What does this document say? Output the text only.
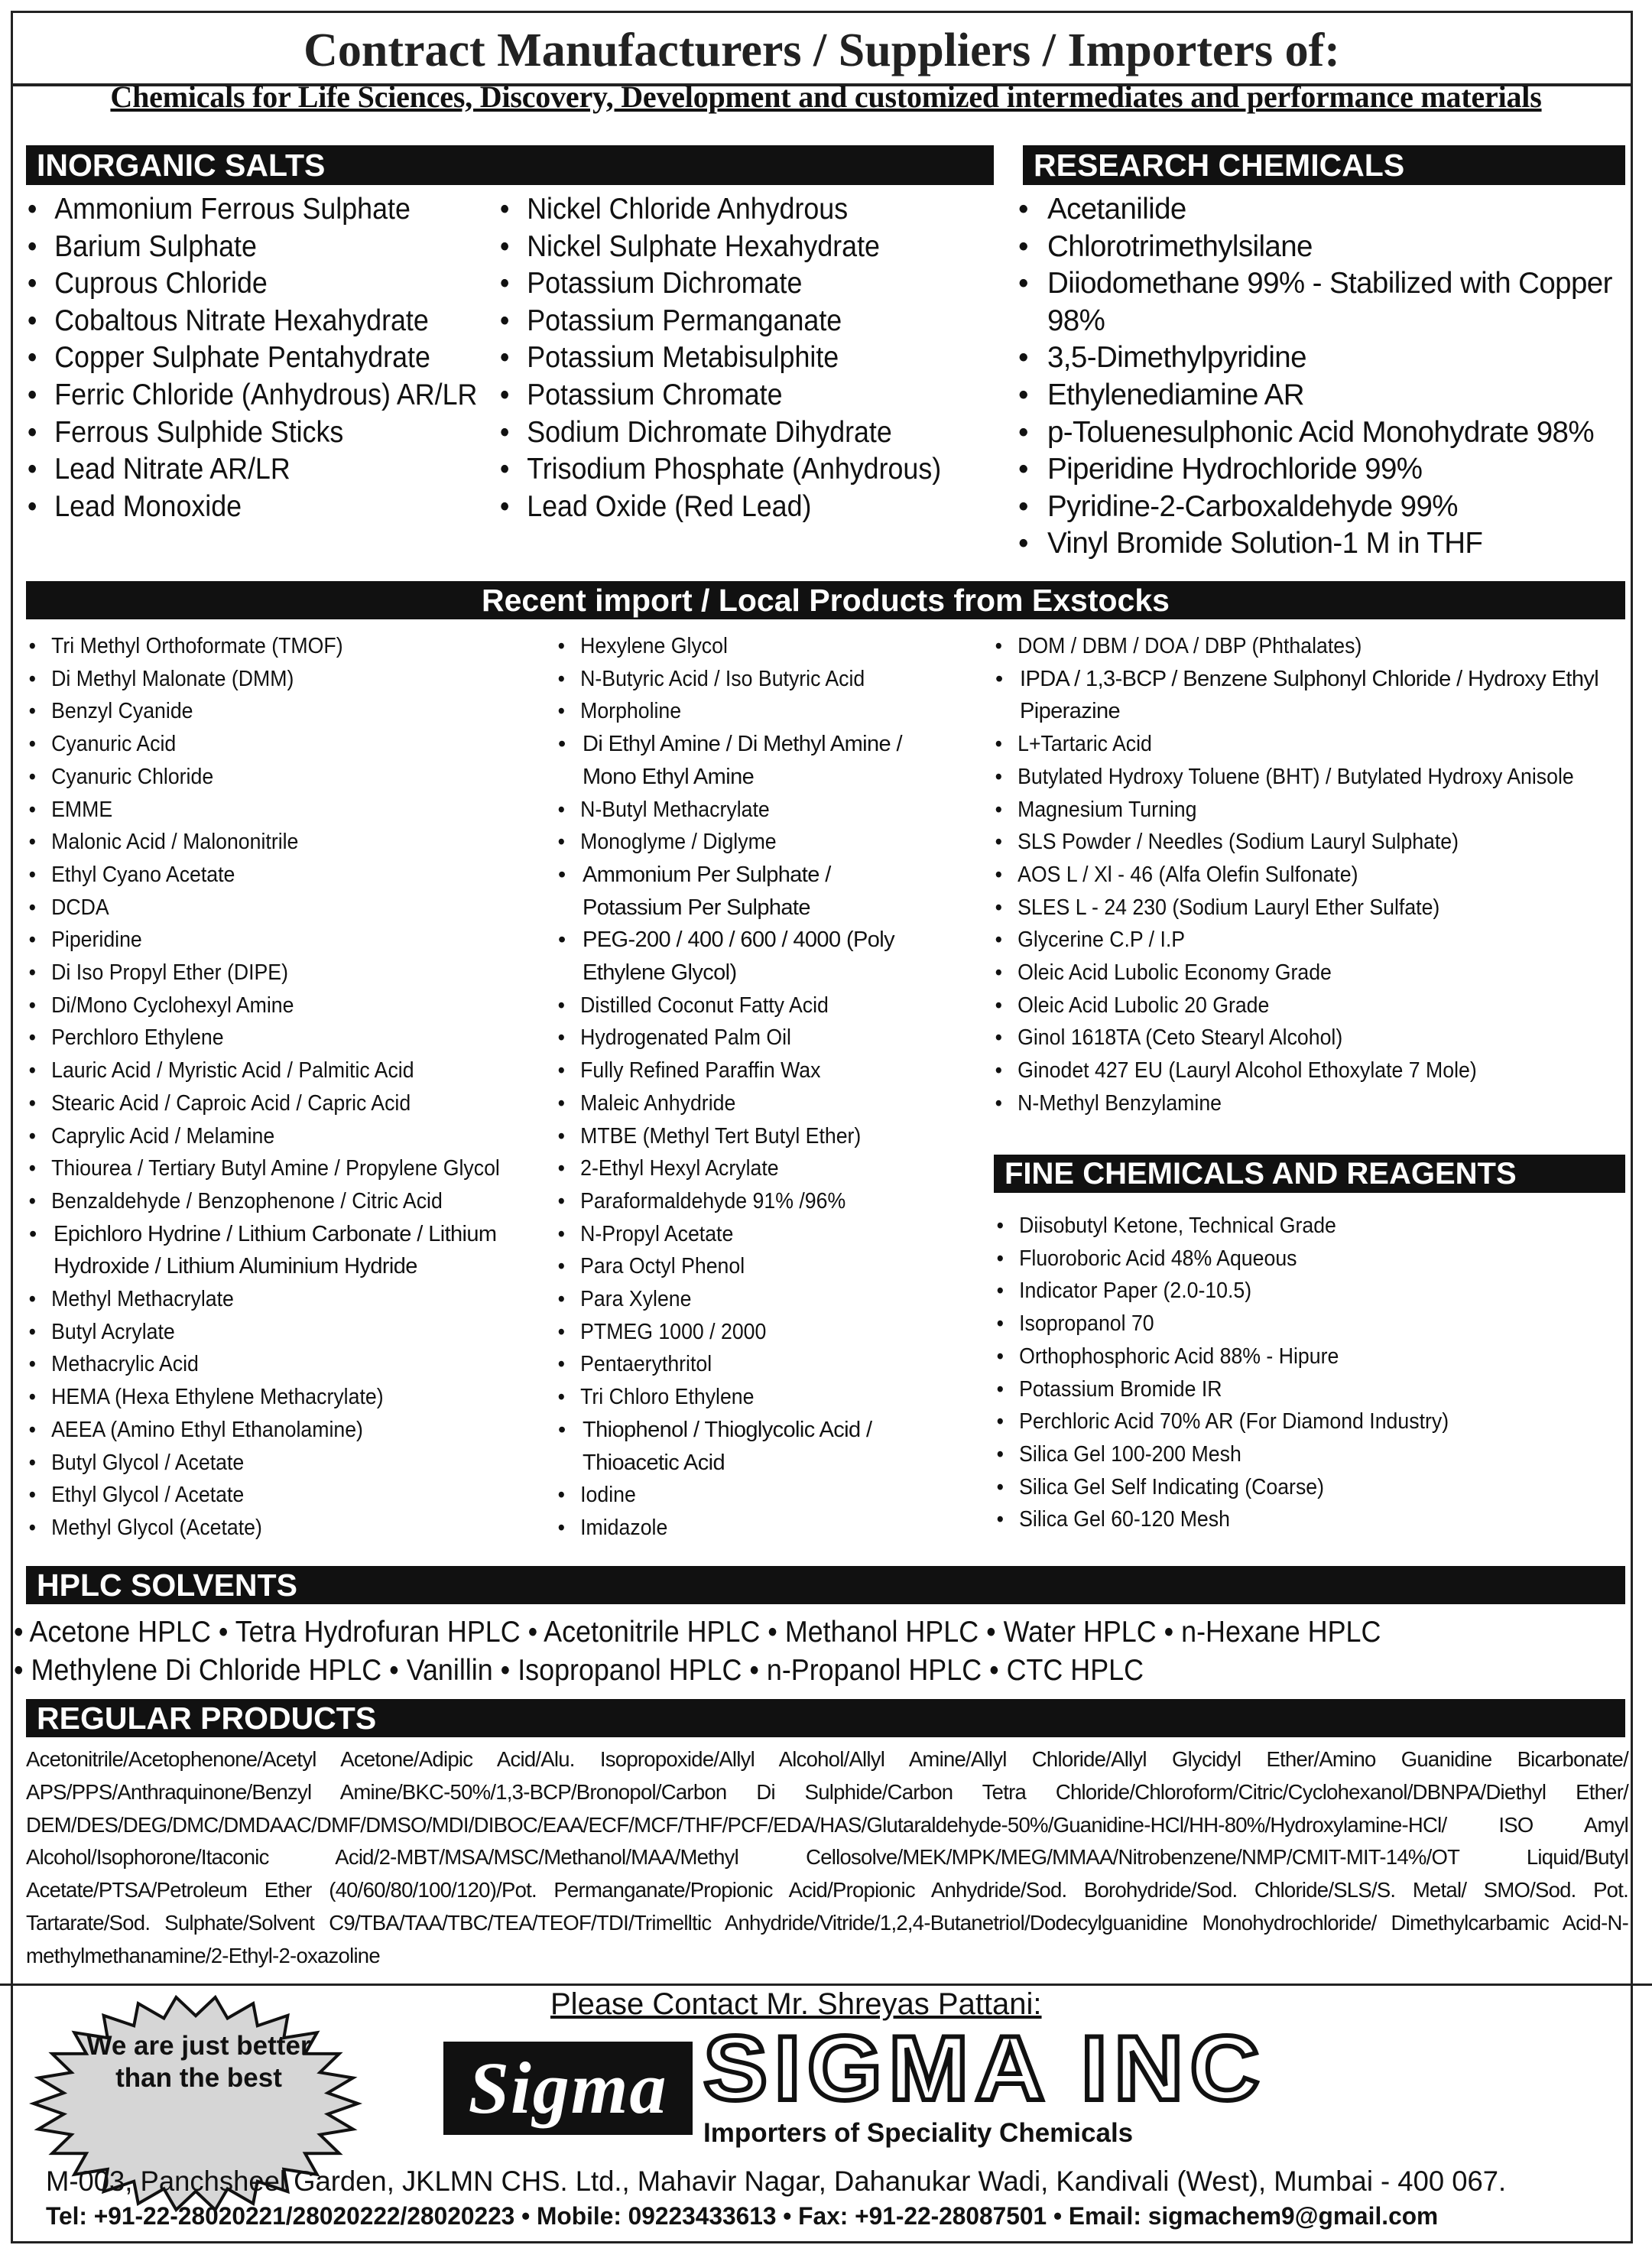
Contract Manufacturers / Suppliers / Importers of:
Chemicals for Life Sciences, Discovery, Development and customized intermediates and performance materials
INORGANIC SALTS
• Ammonium Ferrous Sulphate
• Barium Sulphate
• Cuprous Chloride
• Cobaltous Nitrate Hexahydrate
• Copper Sulphate Pentahydrate
• Ferric Chloride (Anhydrous) AR/LR
• Ferrous Sulphide Sticks
• Lead Nitrate AR/LR
• Lead Monoxide
• Nickel Chloride Anhydrous
• Nickel Sulphate Hexahydrate
• Potassium Dichromate
• Potassium Permanganate
• Potassium Metabisulphite
• Potassium Chromate
• Sodium Dichromate Dihydrate
• Trisodium Phosphate (Anhydrous)
• Lead Oxide (Red Lead)
RESEARCH CHEMICALS
• Acetanilide
• Chlorotrimethylsilane
• Diiodomethane 99% - Stabilized with Copper 98%
• 3,5-Dimethylpyridine
• Ethylenediamine AR
• p-Toluenesulphonic Acid Monohydrate 98%
• Piperidine Hydrochloride 99%
• Pyridine-2-Carboxaldehyde 99%
• Vinyl Bromide Solution-1 M in THF
Recent import / Local Products from Exstocks
• Tri Methyl Orthoformate (TMOF)
• Di Methyl Malonate (DMM)
• Benzyl Cyanide
• Cyanuric Acid
• Cyanuric Chloride
• EMME
• Malonic Acid / Malononitrile
• Ethyl Cyano Acetate
• DCDA
• Piperidine
• Di Iso Propyl Ether (DIPE)
• Di/Mono Cyclohexyl Amine
• Perchloro Ethylene
• Lauric Acid / Myristic Acid / Palmitic Acid
• Stearic Acid / Caproic Acid / Capric Acid
• Caprylic Acid / Melamine
• Thiourea / Tertiary Butyl Amine / Propylene Glycol
• Benzaldehyde / Benzophenone / Citric Acid
• Epichloro Hydrine / Lithium Carbonate / Lithium Hydroxide / Lithium Aluminium Hydride
• Methyl Methacrylate
• Butyl Acrylate
• Methacrylic Acid
• HEMA (Hexa Ethylene Methacrylate)
• AEEA (Amino Ethyl Ethanolamine)
• Butyl Glycol / Acetate
• Ethyl Glycol / Acetate
• Methyl Glycol (Acetate)
• Hexylene Glycol
• N-Butyric Acid / Iso Butyric Acid
• Morpholine
• Di Ethyl Amine / Di Methyl Amine / Mono Ethyl Amine
• N-Butyl Methacrylate
• Monoglyme / Diglyme
• Ammonium Per Sulphate / Potassium Per Sulphate
• PEG-200 / 400 / 600 / 4000 (Poly Ethylene Glycol)
• Distilled Coconut Fatty Acid
• Hydrogenated Palm Oil
• Fully Refined Paraffin Wax
• Maleic Anhydride
• MTBE (Methyl Tert Butyl Ether)
• 2-Ethyl Hexyl Acrylate
• Paraformaldehyde 91% /96%
• N-Propyl Acetate
• Para Octyl Phenol
• Para Xylene
• PTMEG 1000 / 2000
• Pentaerythritol
• Tri Chloro Ethylene
• Thiophenol / Thioglycolic Acid / Thioacetic Acid
• Iodine
• Imidazole
• DOM / DBM / DOA / DBP (Phthalates)
• IPDA / 1,3-BCP / Benzene Sulphonyl Chloride / Hydroxy Ethyl Piperazine
• L+Tartaric Acid
• Butylated Hydroxy Toluene (BHT) / Butylated Hydroxy Anisole
• Magnesium Turning
• SLS Powder / Needles (Sodium Lauryl Sulphate)
• AOS L / Xl - 46 (Alfa Olefin Sulfonate)
• SLES L - 24 230 (Sodium Lauryl Ether Sulfate)
• Glycerine C.P / I.P
• Oleic Acid Lubolic Economy Grade
• Oleic Acid Lubolic 20 Grade
• Ginol 1618TA (Ceto Stearyl Alcohol)
• Ginodet 427 EU (Lauryl Alcohol Ethoxylate 7 Mole)
• N-Methyl Benzylamine
FINE CHEMICALS AND REAGENTS
• Diisobutyl Ketone, Technical Grade
• Fluoroboric Acid 48% Aqueous
• Indicator Paper (2.0-10.5)
• Isopropanol 70
• Orthophosphoric Acid 88% - Hipure
• Potassium Bromide IR
• Perchloric Acid 70% AR (For Diamond Industry)
• Silica Gel 100-200 Mesh
• Silica Gel Self Indicating (Coarse)
• Silica Gel 60-120 Mesh
HPLC SOLVENTS
• Acetone HPLC • Tetra Hydrofuran HPLC • Acetonitrile HPLC • Methanol HPLC • Water HPLC • n-Hexane HPLC
• Methylene Di Chloride HPLC • Vanillin • Isopropanol HPLC • n-Propanol HPLC • CTC HPLC
REGULAR PRODUCTS
Acetonitrile/Acetophenone/Acetyl Acetone/Adipic Acid/Alu. Isopropoxide/Allyl Alcohol/Allyl Amine/Allyl Chloride/Allyl Glycidyl Ether/Amino Guanidine Bicarbonate/ APS/PPS/Anthraquinone/Benzyl Amine/BKC-50%/1,3-BCP/Bronopol/Carbon Di Sulphide/Carbon Tetra Chloride/Chloroform/Citric/Cyclohexanol/DBNPA/Diethyl Ether/ DEM/DES/DEG/DMC/DMDAAC/DMF/DMSO/MDI/DIBOC/EAA/ECF/MCF/THF/PCF/EDA/HAS/Glutaraldehyde-50%/Guanidine-HCl/HH-80%/Hydroxylamine-HCl/ ISO Amyl Alcohol/Isophorone/Itaconic Acid/2-MBT/MSA/MSC/Methanol/MAA/Methyl Cellosolve/MEK/MPK/MEG/MMAA/Nitrobenzene/NMP/CMIT-MIT-14%/OT Liquid/Butyl Acetate/PTSA/Petroleum Ether (40/60/80/100/120)/Pot. Permanganate/Propionic Acid/Propionic Anhydride/Sod. Borohydride/Sod. Chloride/SLS/S. Metal/ SMO/Sod. Pot. Tartarate/Sod. Sulphate/Solvent C9/TBA/TAA/TBC/TEA/TEOF/TDI/Trimelltic Anhydride/Vitride/1,2,4-Butanetriol/Dodecylguanidine Monohydrochloride/ Dimethylcarbamic Acid-N-methylmethanamine/2-Ethyl-2-oxazoline
Please Contact Mr. Shreyas Pattani:
We are just better than the best	Sigma SIGMA INC
Importers of Speciality Chemicals
M-003, Panchsheel Garden, JKLMN CHS. Ltd., Mahavir Nagar, Dahanukar Wadi, Kandivali (West), Mumbai - 400 067.
Tel: +91-22-28020221/28020222/28020223 • Mobile: 09223433613 • Fax: +91-22-28087501 • Email: sigmachem9@gmail.com
